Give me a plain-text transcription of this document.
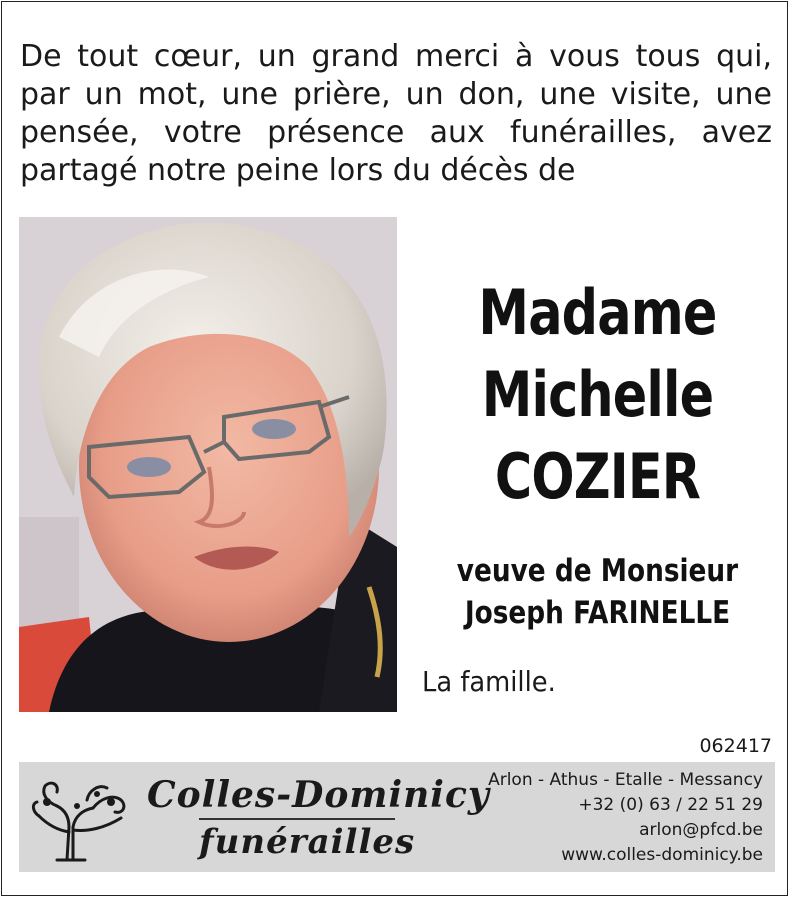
De tout cœur, un grand merci à vous tous qui, par un mot, une prière, un don, une visite, une pensée, votre présence aux funérailles, avez partagé notre peine lors du décès de

Madame
Michelle
COZIER
veuve de Monsieur
Joseph FARINELLE
La famille.
062417
Colles-Dominicy
funérailles
Arlon - Athus - Etalle - Messancy
+32 (0) 63 / 22 51 29
arlon@pfcd.be
www.colles-dominicy.be
